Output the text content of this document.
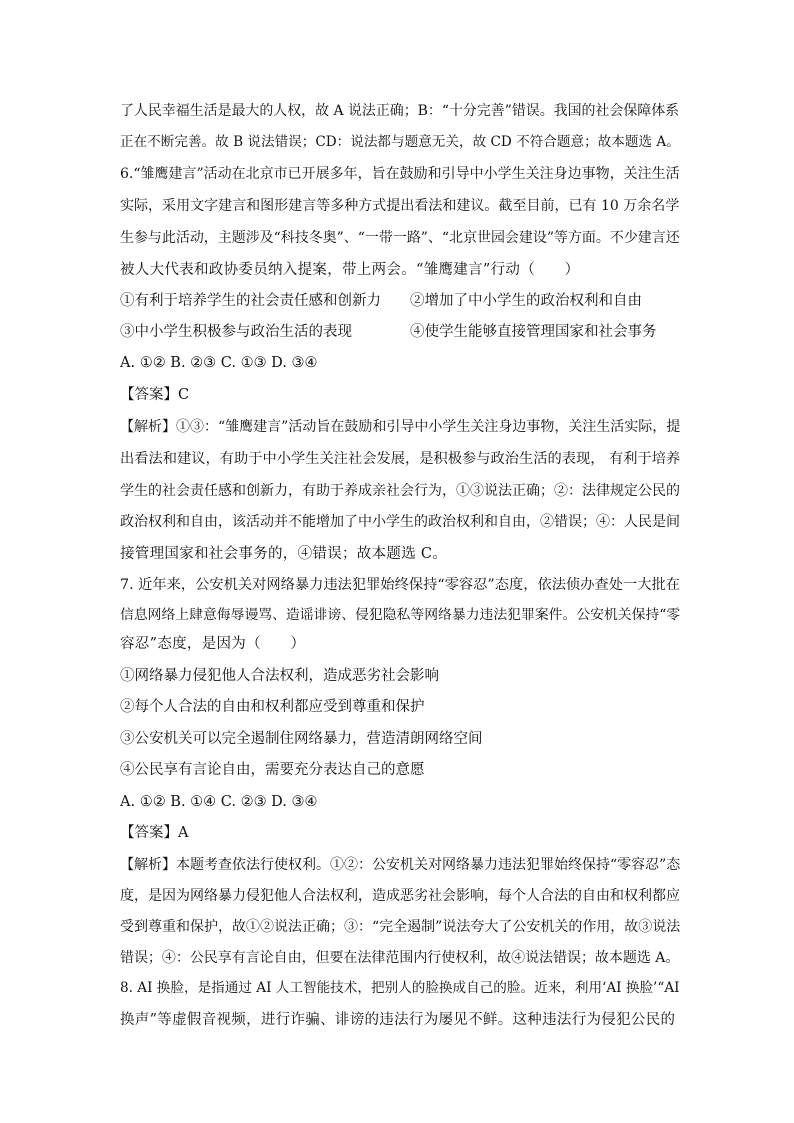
了人民幸福生活是最大的人权，故 A 说法正确；B：“十分完善”错误。我国的社会保障体系
正在不断完善。故 B 说法错误；CD：说法都与题意无关，故 CD 不符合题意；故本题选 A。
6.“雏鹰建言”活动在北京市已开展多年，旨在鼓励和引导中小学生关注身边事物，关注生活
实际，采用文字建言和图形建言等多种方式提出看法和建议。截至目前，已有 10 万余名学
生参与此活动，主题涉及“科技冬奥”、“一带一路”、“北京世园会建设”等方面。不少建言还
被人大代表和政协委员纳入提案，带上两会。“雏鹰建言”行动（　　）
①有利于培养学生的社会责任感和创新力　　②增加了中小学生的政治权利和自由
③中小学生积极参与政治生活的表现　　　　④使学生能够直接管理国家和社会事务
A. ①② B. ②③ C. ①③ D. ③④
【答案】C
【解析】①③：“雏鹰建言”活动旨在鼓励和引导中小学生关注身边事物，关注生活实际，提
出看法和建议，有助于中小学生关注社会发展，是积极参与政治生活的表现， 有利于培养
学生的社会责任感和创新力，有助于养成亲社会行为，①③说法正确；②：法律规定公民的
政治权利和自由，该活动并不能增加了中小学生的政治权利和自由，②错误；④：人民是间
接管理国家和社会事务的，④错误；故本题选 C。
7. 近年来，公安机关对网络暴力违法犯罪始终保持“零容忍”态度，依法侦办查处一大批在
信息网络上肆意侮辱谩骂、造谣诽谤、侵犯隐私等网络暴力违法犯罪案件。公安机关保持“零
容忍”态度，是因为（　　）
①网络暴力侵犯他人合法权利，造成恶劣社会影响
②每个人合法的自由和权利都应受到尊重和保护
③公安机关可以完全遏制住网络暴力，营造清朗网络空间
④公民享有言论自由，需要充分表达自己的意愿
A. ①② B. ①④ C. ②③ D. ③④
【答案】A
【解析】本题考查依法行使权利。①②：公安机关对网络暴力违法犯罪始终保持“零容忍”态
度，是因为网络暴力侵犯他人合法权利，造成恶劣社会影响，每个人合法的自由和权利都应
受到尊重和保护，故①②说法正确；③：“完全遏制”说法夸大了公安机关的作用，故③说法
错误；④：公民享有言论自由，但要在法律范围内行使权利，故④说法错误；故本题选 A。
8. AI 换脸，是指通过 AI 人工智能技术，把别人的脸换成自己的脸。近来，利用‘AI 换脸’“AI
换声”等虚假音视频，进行诈骗、诽谤的违法行为屡见不鲜。这种违法行为侵犯公民的
